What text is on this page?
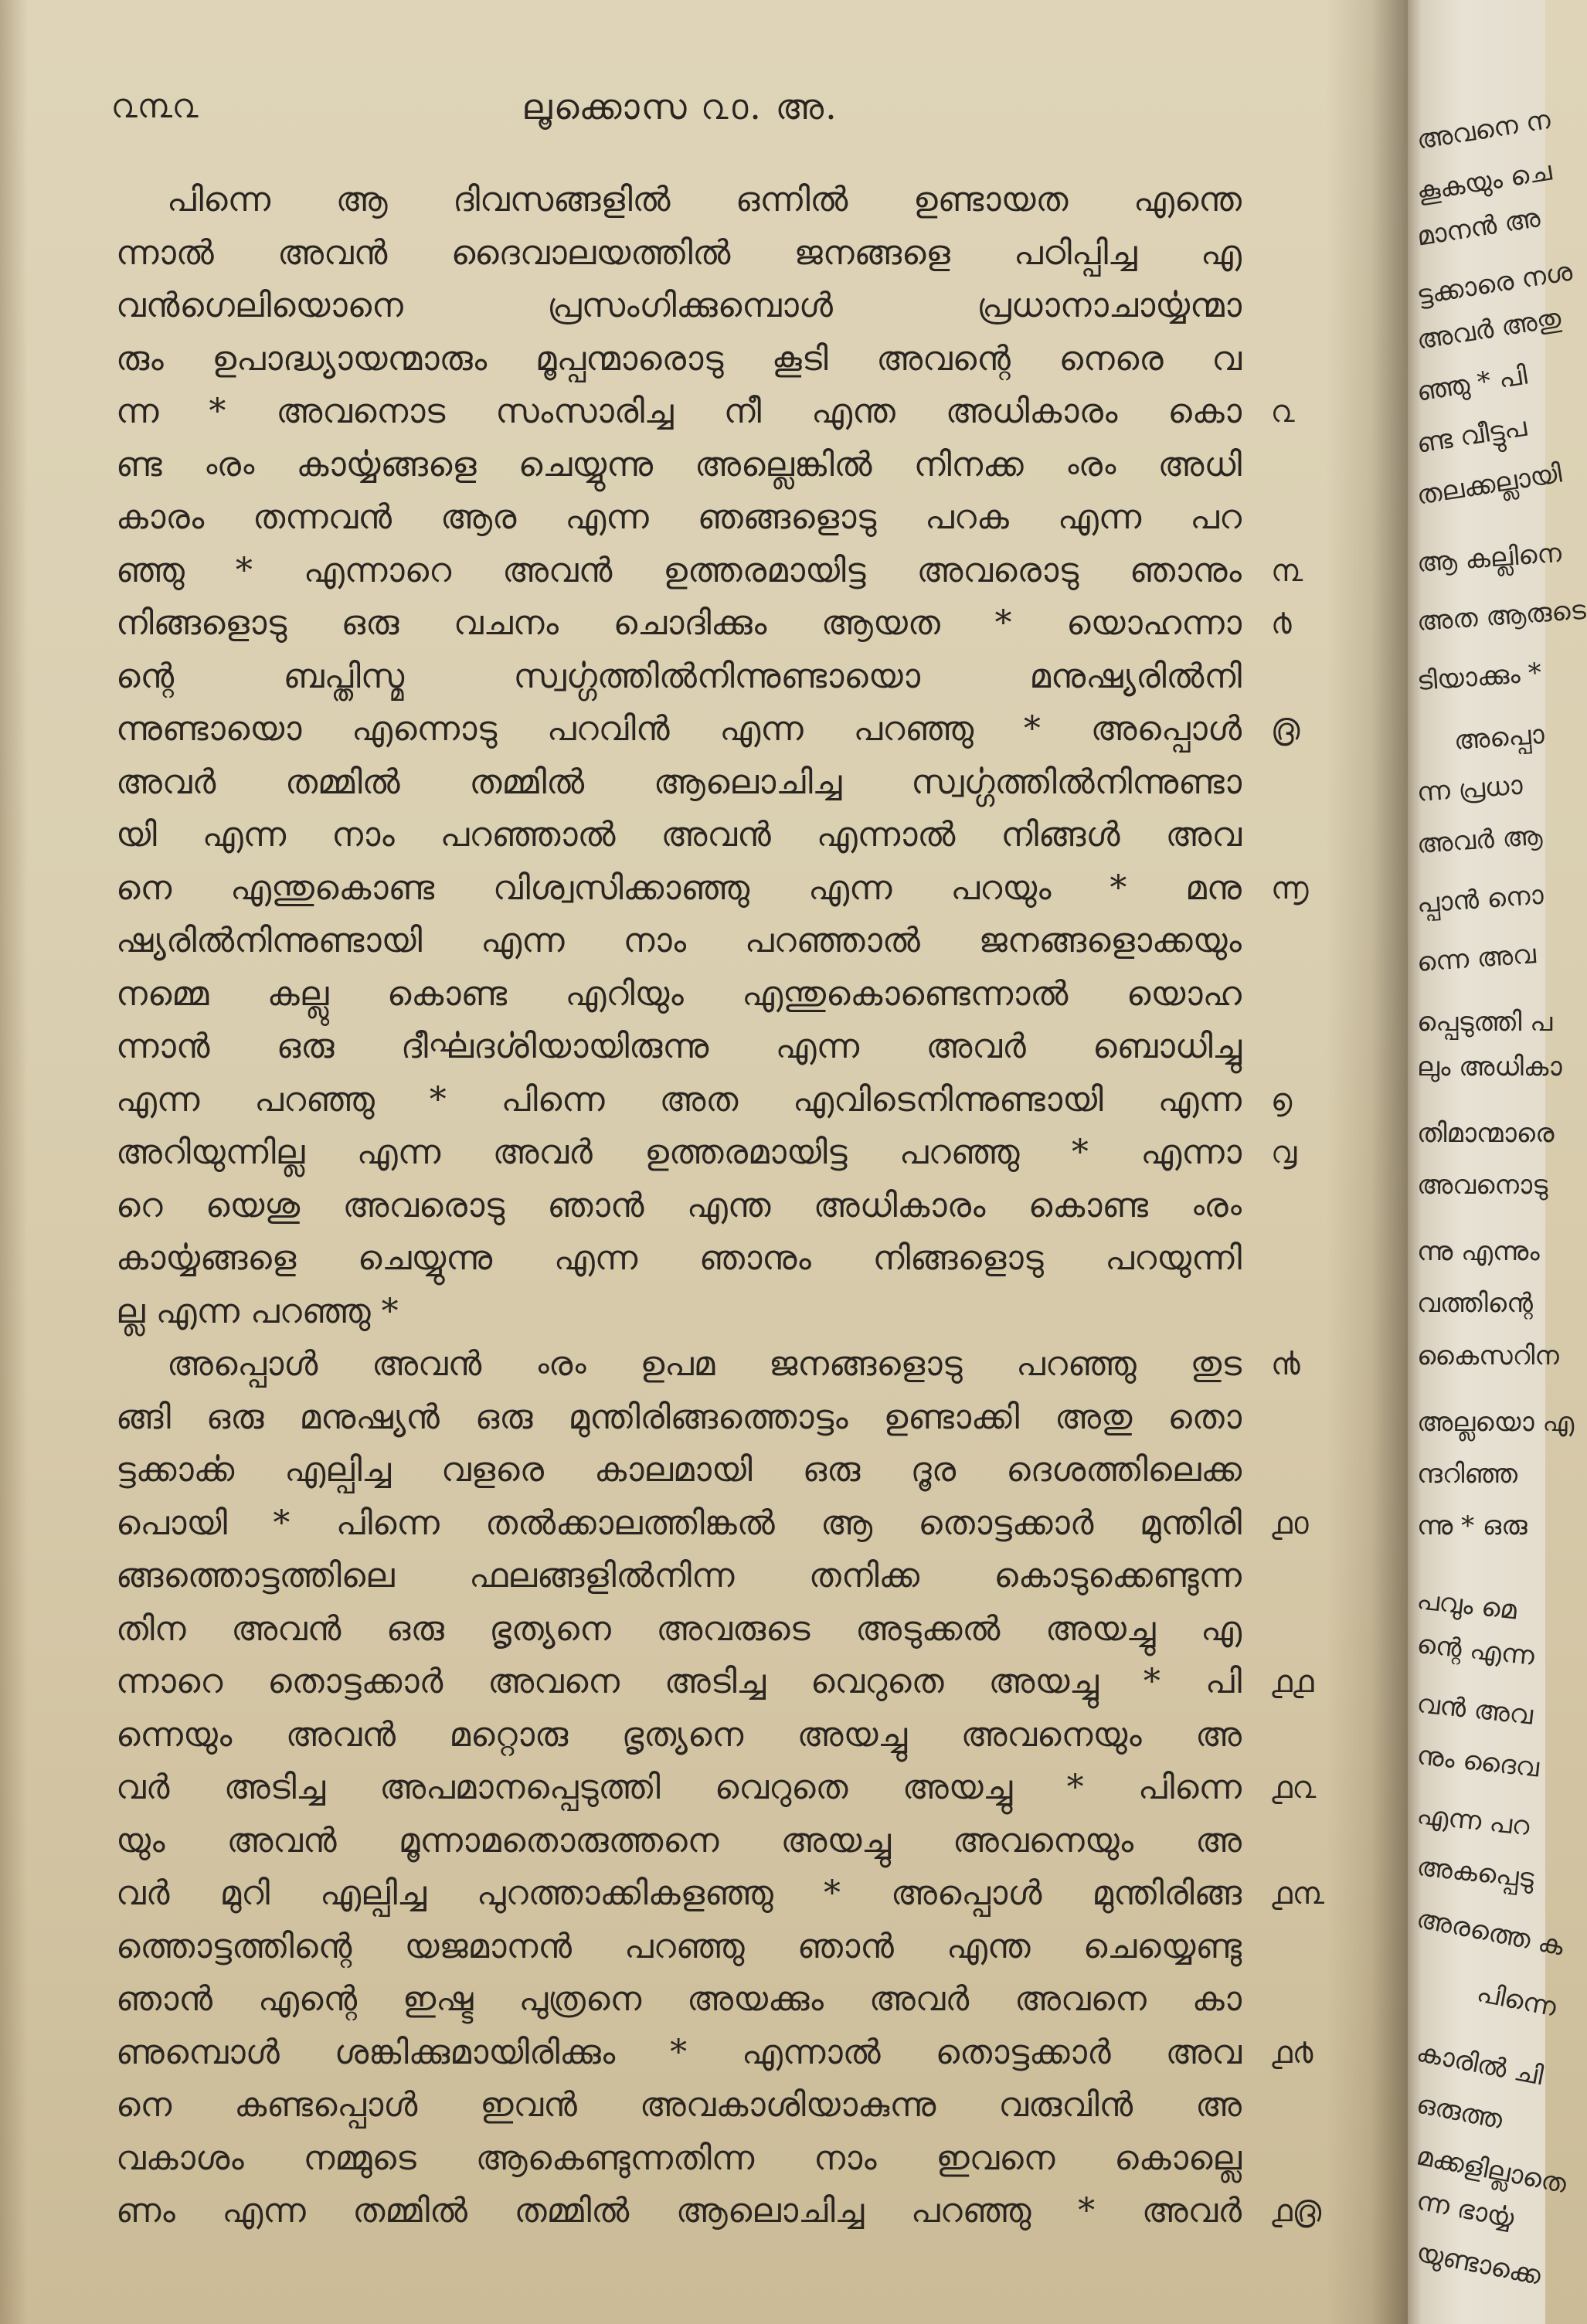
൨൩൨	ലൂക്കൊസ ൨൦. അ.
പിന്നെ ആ ദിവസങ്ങളിൽ ഒന്നിൽ ഉണ്ടായത എന്തെ
ന്നാൽ അവൻ ദൈവാലയത്തിൽ ജനങ്ങളെ പഠിപ്പിച്ച എ
വൻഗെലിയൊനെ പ്രസംഗിക്കുമ്പൊൾ പ്രധാനാചാൎയ്യന്മാ
രും ഉപാദ്ധ്യായന്മാരും മൂപ്പന്മാരൊടു കൂടി അവന്റെ നെരെ വ
ന്ന * അവനൊട സംസാരിച്ച നീ എന്ത അധികാരം കൊ ൨
ണ്ട ൟ കാൎയ്യങ്ങളെ ചെയ്യുന്നു അല്ലെങ്കിൽ നിനക്ക ൟ അധി
കാരം തന്നവൻ ആര എന്ന ഞങ്ങളൊടു പറക എന്ന പറ
ഞ്ഞു * എന്നാറെ അവൻ ഉത്തരമായിട്ട അവരൊടു ഞാനും ൩
നിങ്ങളൊടു ഒരു വചനം ചൊദിക്കും ആയത * യൊഹന്നാ ൪
ന്റെ ബപ്തിസ്മ സ്വൎഗ്ഗത്തിൽനിന്നുണ്ടായൊ മനുഷ്യരിൽനി
ന്നുണ്ടായൊ എന്നൊടു പറവിൻ എന്ന പറഞ്ഞു * അപ്പൊൾ ൫
അവർ തമ്മിൽ തമ്മിൽ ആലൊചിച്ച സ്വൎഗ്ഗത്തിൽനിന്നുണ്ടാ
യി എന്ന നാം പറഞ്ഞാൽ അവൻ എന്നാൽ നിങ്ങൾ അവ
നെ എന്തുകൊണ്ട വിശ്വസിക്കാഞ്ഞു എന്ന പറയും * മനു ൬
ഷ്യരിൽനിന്നുണ്ടായി എന്ന നാം പറഞ്ഞാൽ ജനങ്ങളൊക്കയും
നമ്മെ കല്ലു കൊണ്ട എറിയും എന്തുകൊണ്ടെന്നാൽ യൊഹ
ന്നാൻ ഒരു ദീൎഘദൎശിയായിരുന്നു എന്ന അവർ ബൊധിച്ചു
എന്ന പറഞ്ഞു * പിന്നെ അത എവിടെനിന്നുണ്ടായി എന്ന ൭
അറിയുന്നില്ല എന്ന അവർ ഉത്തരമായിട്ട പറഞ്ഞു * എന്നാ ൮
റെ യെശു അവരൊടു ഞാൻ എന്ത അധികാരം കൊണ്ട ൟ
കാൎയ്യങ്ങളെ ചെയ്യുന്നു എന്ന ഞാനും നിങ്ങളൊടു പറയുന്നി
ല്ല എന്ന പറഞ്ഞു *
അപ്പൊൾ അവൻ ൟ ഉപമ ജനങ്ങളൊടു പറഞ്ഞു തുട ൯
ങ്ങി ഒരു മനുഷ്യൻ ഒരു മുന്തിരിങ്ങത്തൊട്ടം ഉണ്ടാക്കി അതു തൊ
ട്ടക്കാൎക്ക എല്പിച്ച വളരെ കാലമായി ഒരു ദൂര ദെശത്തിലെക്ക
പൊയി * പിന്നെ തൽക്കാലത്തിങ്കൽ ആ തൊട്ടക്കാർ മുന്തിരി ൧൦
ങ്ങത്തൊട്ടത്തിലെ ഫലങ്ങളിൽനിന്ന തനിക്ക കൊടുക്കെണ്ടുന്ന
തിന അവൻ ഒരു ഭൃത്യനെ അവരുടെ അടുക്കൽ അയച്ചു എ
ന്നാറെ തൊട്ടക്കാർ അവനെ അടിച്ച വെറുതെ അയച്ചു * പി ൧൧
ന്നെയും അവൻ മറ്റൊരു ഭൃത്യനെ അയച്ചു അവനെയും അ
വർ അടിച്ച അപമാനപ്പെടുത്തി വെറുതെ അയച്ചു * പിന്നെ ൧൨
യും അവൻ മൂന്നാമതൊരുത്തനെ അയച്ചു അവനെയും അ
വർ മുറി എല്പിച്ച പുറത്താക്കികളഞ്ഞു * അപ്പൊൾ മുന്തിരിങ്ങ ൧൩
ത്തൊട്ടത്തിന്റെ യജമാനൻ പറഞ്ഞു ഞാൻ എന്ത ചെയ്യെണ്ടു
ഞാൻ എന്റെ ഇഷ്ട പുത്രനെ അയക്കും അവർ അവനെ കാ
ണുമ്പൊൾ ശങ്കിക്കുമായിരിക്കും * എന്നാൽ തൊട്ടക്കാർ അവ ൧൪
നെ കണ്ടപ്പൊൾ ഇവൻ അവകാശിയാകുന്നു വരുവിൻ അ
വകാശം നമ്മുടെ ആകെണ്ടുന്നതിന്ന നാം ഇവനെ കൊല്ലെ
ണം എന്ന തമ്മിൽ തമ്മിൽ ആലൊചിച്ച പറഞ്ഞു * അവർ ൧൫
അവനെ ന
കൂകയും ചെ
മാനൻ അ
ട്ടക്കാരെ നശ
അവർ അതു
ഞ്ഞു * പി
ണ്ട വീട്ടുപ
തലക്കല്ലായി
ആ കല്ലിനെ
അത ആരുടെ
ടിയാക്കും *
അപ്പൊ
ന്ന പ്രധാ
അവർ ആ
പ്പാൻ നൊ
ന്നെ അവ
പ്പെടുത്തി പ
ലും അധികാ
തിമാന്മാരെ
അവനൊടു
ന്നു എന്നും
വത്തിന്റെ
കൈസറിന
അല്ലയൊ എ
ന്ദറിഞ്ഞ
ന്നു * ഒരു
പവും മെ
ന്റെ എന്ന
വൻ അവ
നും ദൈവ
എന്ന പറ
അകപ്പെടു
അരത്തെ ക
പിന്നെ
കാരിൽ ചി
ഒരുത്ത
മക്കളില്ലാതെ
ന്ന ഭാൎയ്യ
യുണ്ടാക്കെ
